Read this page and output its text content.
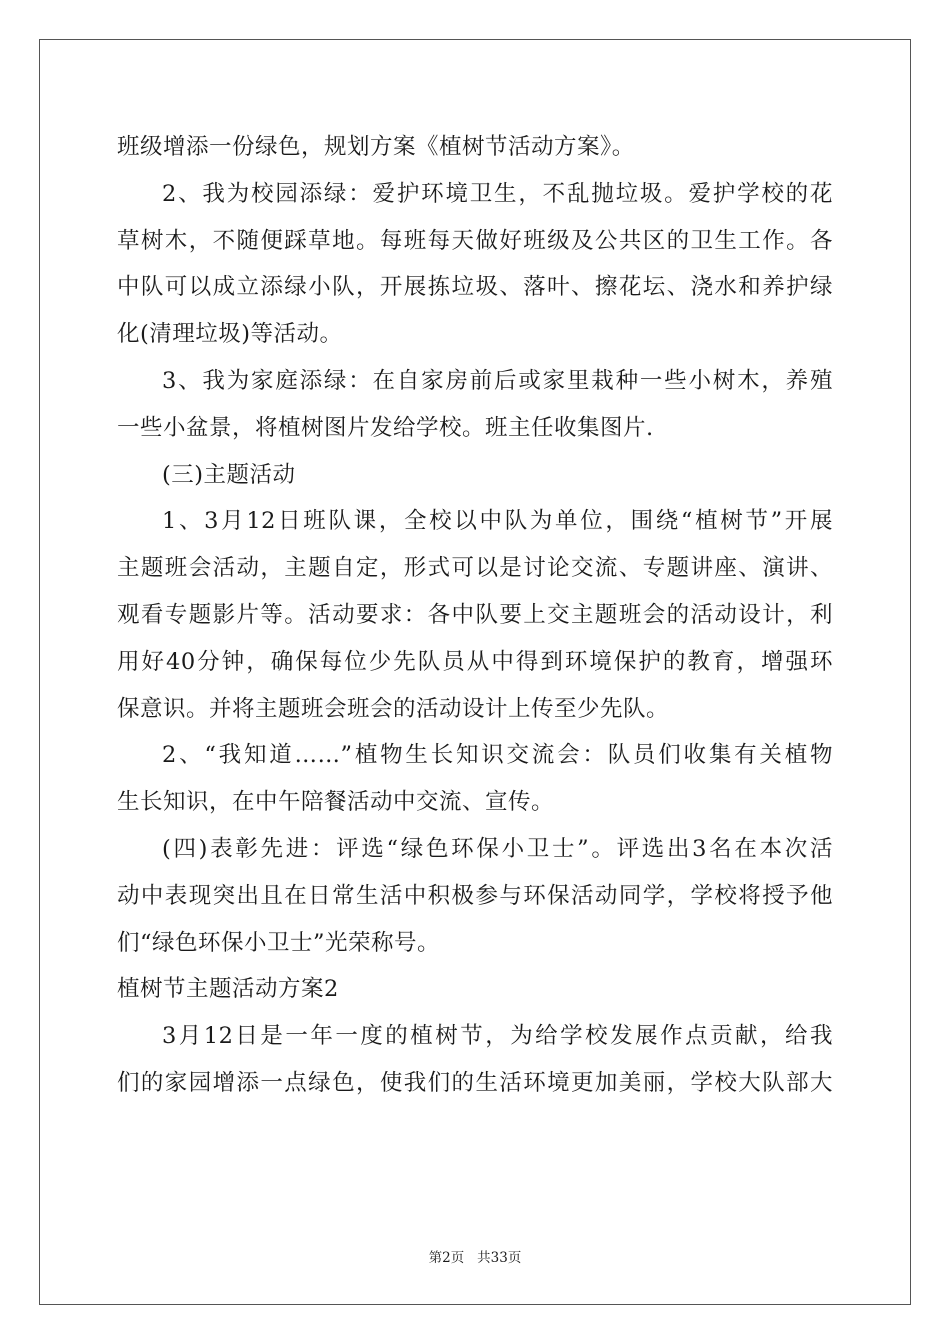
班级增添一份绿色，规划方案《植树节活动方案》。
2、我为校园添绿：爱护环境卫生，不乱抛垃圾。爱护学校的花
草树木，不随便踩草地。每班每天做好班级及公共区的卫生工作。各
中队可以成立添绿小队，开展拣垃圾、落叶、擦花坛、浇水和养护绿
化(清理垃圾)等活动。
3、我为家庭添绿：在自家房前后或家里栽种一些小树木，养殖
一些小盆景，将植树图片发给学校。班主任收集图片.
(三)主题活动
1、3月12日班队课，全校以中队为单位，围绕“植树节”开展
主题班会活动，主题自定，形式可以是讨论交流、专题讲座、演讲、
观看专题影片等。活动要求：各中队要上交主题班会的活动设计，利
用好40分钟，确保每位少先队员从中得到环境保护的教育，增强环
保意识。并将主题班会班会的活动设计上传至少先队。
2、“我知道……”植物生长知识交流会：队员们收集有关植物
生长知识，在中午陪餐活动中交流、宣传。
(四)表彰先进：评选“绿色环保小卫士”。评选出3名在本次活
动中表现突出且在日常生活中积极参与环保活动同学，学校将授予他
们“绿色环保小卫士”光荣称号。
植树节主题活动方案2
3月12日是一年一度的植树节，为给学校发展作点贡献，给我
们的家园增添一点绿色，使我们的生活环境更加美丽，学校大队部大
第2页   共33页
